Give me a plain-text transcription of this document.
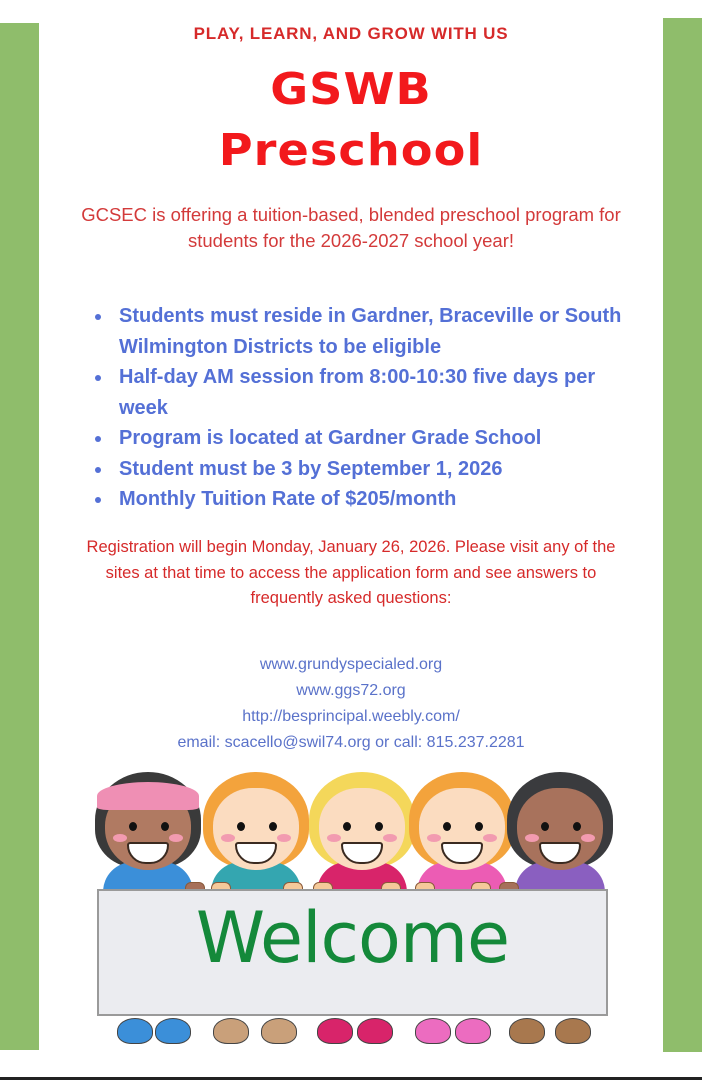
PLAY, LEARN, AND GROW WITH US
GSWB
Preschool
GCSEC is offering a tuition-based, blended preschool program for students for the 2026-2027 school year!
Students must reside in Gardner, Braceville or South Wilmington Districts to be eligible
Half-day AM session from 8:00-10:30 five days per week
Program is located at Gardner Grade School
Student must be 3 by September 1, 2026
Monthly Tuition Rate of $205/month
Registration will begin Monday, January 26, 2026. Please visit any of the sites at that time to access the application form and see answers to frequently asked questions:
www.grundyspecialed.org
www.ggs72.org
http://besprincipal.weebly.com/
email: scacello@swil74.org or call: 815.237.2281
Welcome
